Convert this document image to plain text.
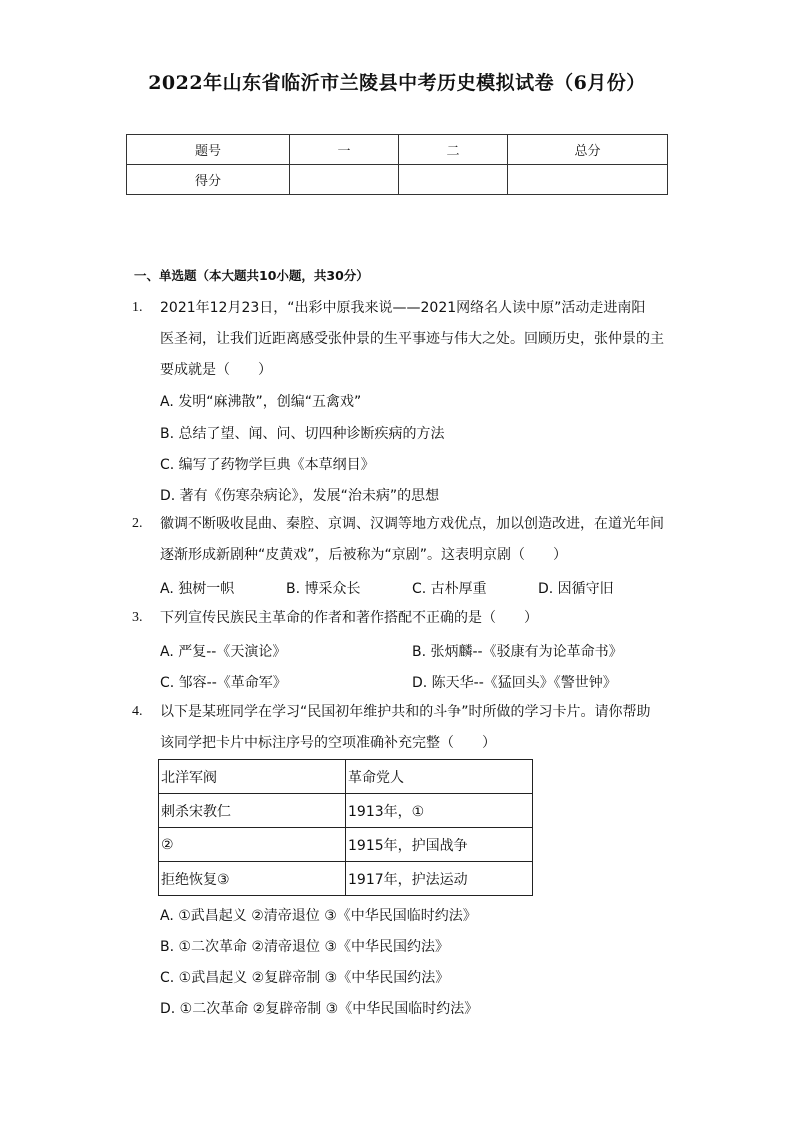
2022年山东省临沂市兰陵县中考历史模拟试卷（6月份）
题号	一	二	总分
得分			
一、单选题（本大题共10小题，共30分）
1. 2021年12月23日，“出彩中原我来说——2021网络名人读中原”活动走进南阳
医圣祠，让我们近距离感受张仲景的生平事迹与伟大之处。回顾历史，张仲景的主
要成就是（　　）
A. 发明“麻沸散”，创编“五禽戏”
B. 总结了望、闻、问、切四种诊断疾病的方法
C. 编写了药物学巨典《本草纲目》
D. 著有《伤寒杂病论》，发展“治未病”的思想
2. 徽调不断吸收昆曲、秦腔、京调、汉调等地方戏优点，加以创造改进，在道光年间
逐渐形成新剧种“皮黄戏”，后被称为“京剧”。这表明京剧（　　）
A. 独树一帜	B. 博采众长	C. 古朴厚重	D. 因循守旧
3. 下列宣传民族民主革命的作者和著作搭配不正确的是（　　）
A. 严复--《天演论》	B. 张炳麟--《驳康有为论革命书》
C. 邹容--《革命军》	D. 陈天华--《猛回头》《警世钟》
4. 以下是某班同学在学习“民国初年维护共和的斗争”时所做的学习卡片。请你帮助
该同学把卡片中标注序号的空项准确补充完整（　　）
北洋军阀	革命党人
刺杀宋教仁	1913年，①
②	1915年，护国战争
拒绝恢复③	1917年，护法运动
A. ①武昌起义 ②清帝退位 ③《中华民国临时约法》
B. ①二次革命 ②清帝退位 ③《中华民国约法》
C. ①武昌起义 ②复辟帝制 ③《中华民国约法》
D. ①二次革命 ②复辟帝制 ③《中华民国临时约法》
